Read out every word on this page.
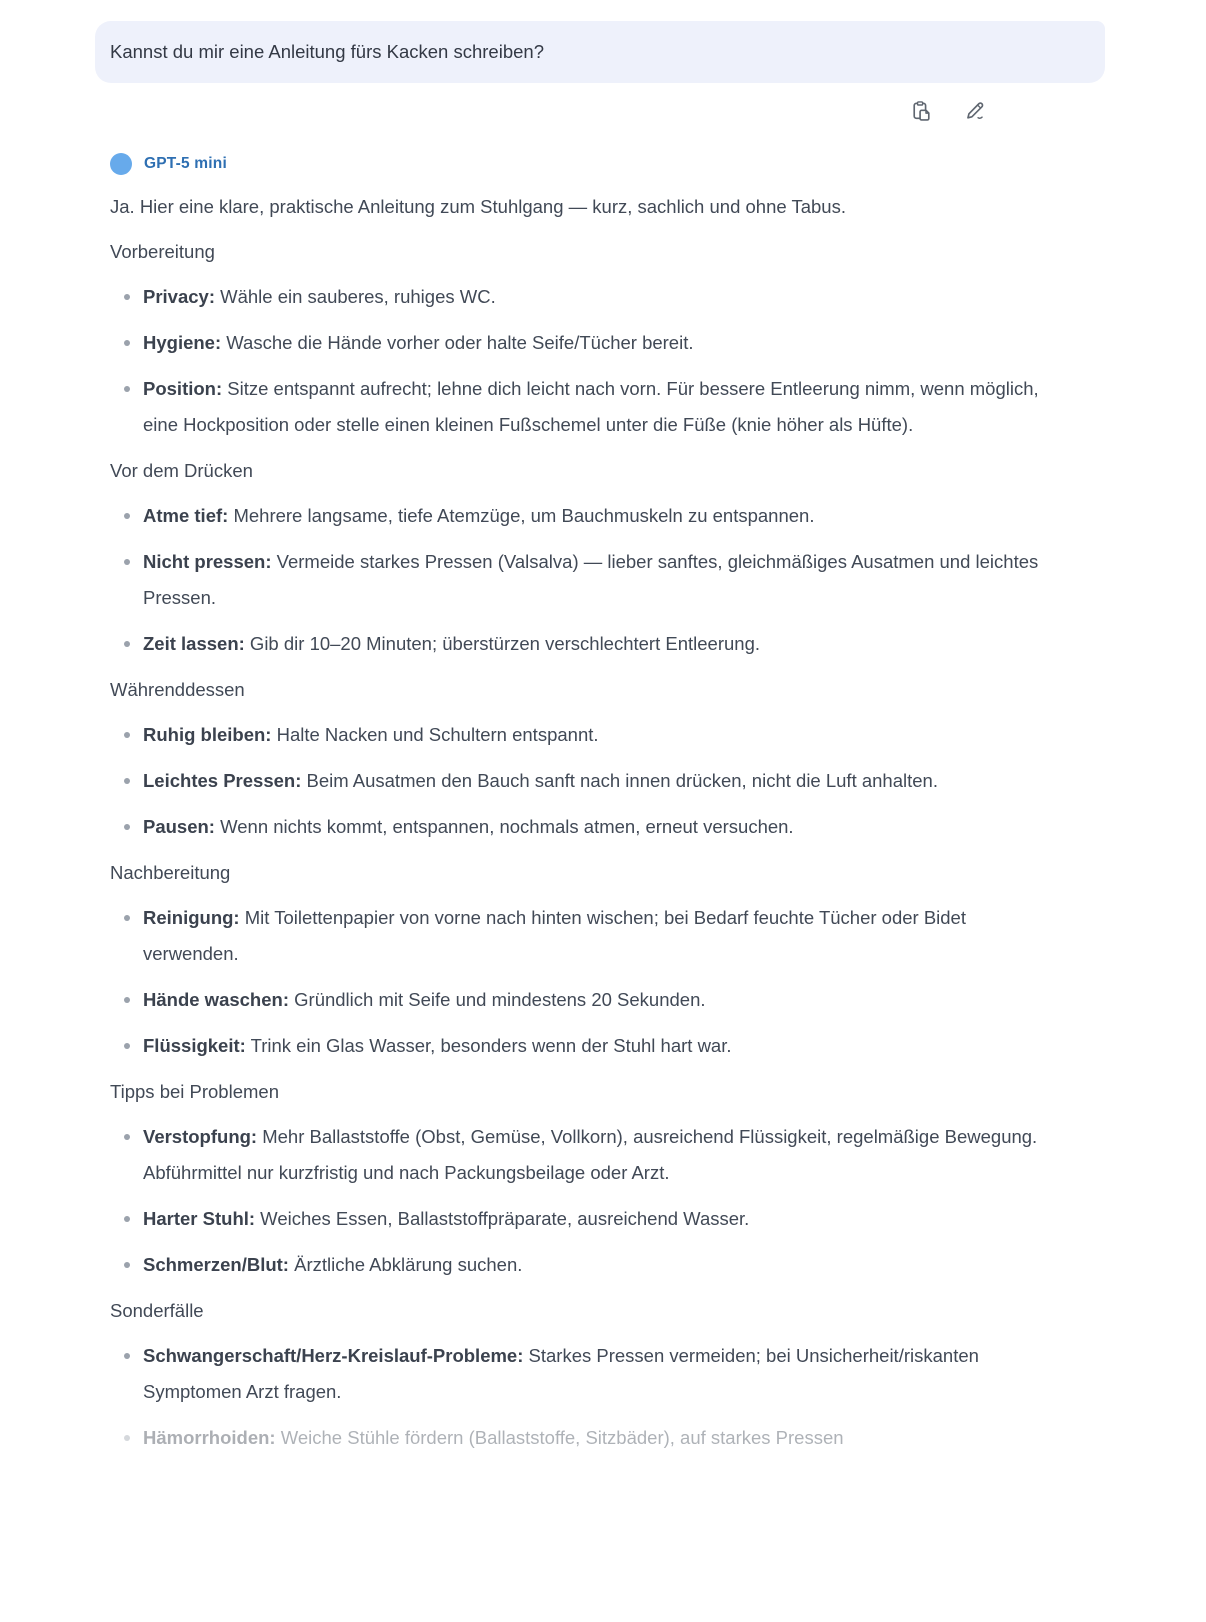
Kannst du mir eine Anleitung fürs Kacken schreiben?
GPT-5 mini

Ja. Hier eine klare, praktische Anleitung zum Stuhlgang — kurz, sachlich und ohne Tabus.

Vorbereitung

Privacy: Wähle ein sauberes, ruhiges WC.
Hygiene: Wasche die Hände vorher oder halte Seife/Tücher bereit.
Position: Sitze entspannt aufrecht; lehne dich leicht nach vorn. Für bessere Entleerung nimm, wenn möglich, eine Hockposition oder stelle einen kleinen Fußschemel unter die Füße (knie höher als Hüfte).

Vor dem Drücken

Atme tief: Mehrere langsame, tiefe Atemzüge, um Bauchmuskeln zu entspannen.
Nicht pressen: Vermeide starkes Pressen (Valsalva) — lieber sanftes, gleichmäßiges Ausatmen und leichtes Pressen.
Zeit lassen: Gib dir 10–20 Minuten; überstürzen verschlechtert Entleerung.

Währenddessen

Ruhig bleiben: Halte Nacken und Schultern entspannt.
Leichtes Pressen: Beim Ausatmen den Bauch sanft nach innen drücken, nicht die Luft anhalten.
Pausen: Wenn nichts kommt, entspannen, nochmals atmen, erneut versuchen.

Nachbereitung

Reinigung: Mit Toilettenpapier von vorne nach hinten wischen; bei Bedarf feuchte Tücher oder Bidet verwenden.
Hände waschen: Gründlich mit Seife und mindestens 20 Sekunden.
Flüssigkeit: Trink ein Glas Wasser, besonders wenn der Stuhl hart war.

Tipps bei Problemen

Verstopfung: Mehr Ballaststoffe (Obst, Gemüse, Vollkorn), ausreichend Flüssigkeit, regelmäßige Bewegung. Abführmittel nur kurzfristig und nach Packungsbeilage oder Arzt.
Harter Stuhl: Weiches Essen, Ballaststoffpräparate, ausreichend Wasser.
Schmerzen/Blut: Ärztliche Abklärung suchen.

Sonderfälle

Schwangerschaft/Herz-Kreislauf-Probleme: Starkes Pressen vermeiden; bei Unsicherheit/riskanten Symptomen Arzt fragen.
Hämorrhoiden: Weiche Stühle fördern (Ballaststoffe, Sitzbäder), auf starkes Pressen
